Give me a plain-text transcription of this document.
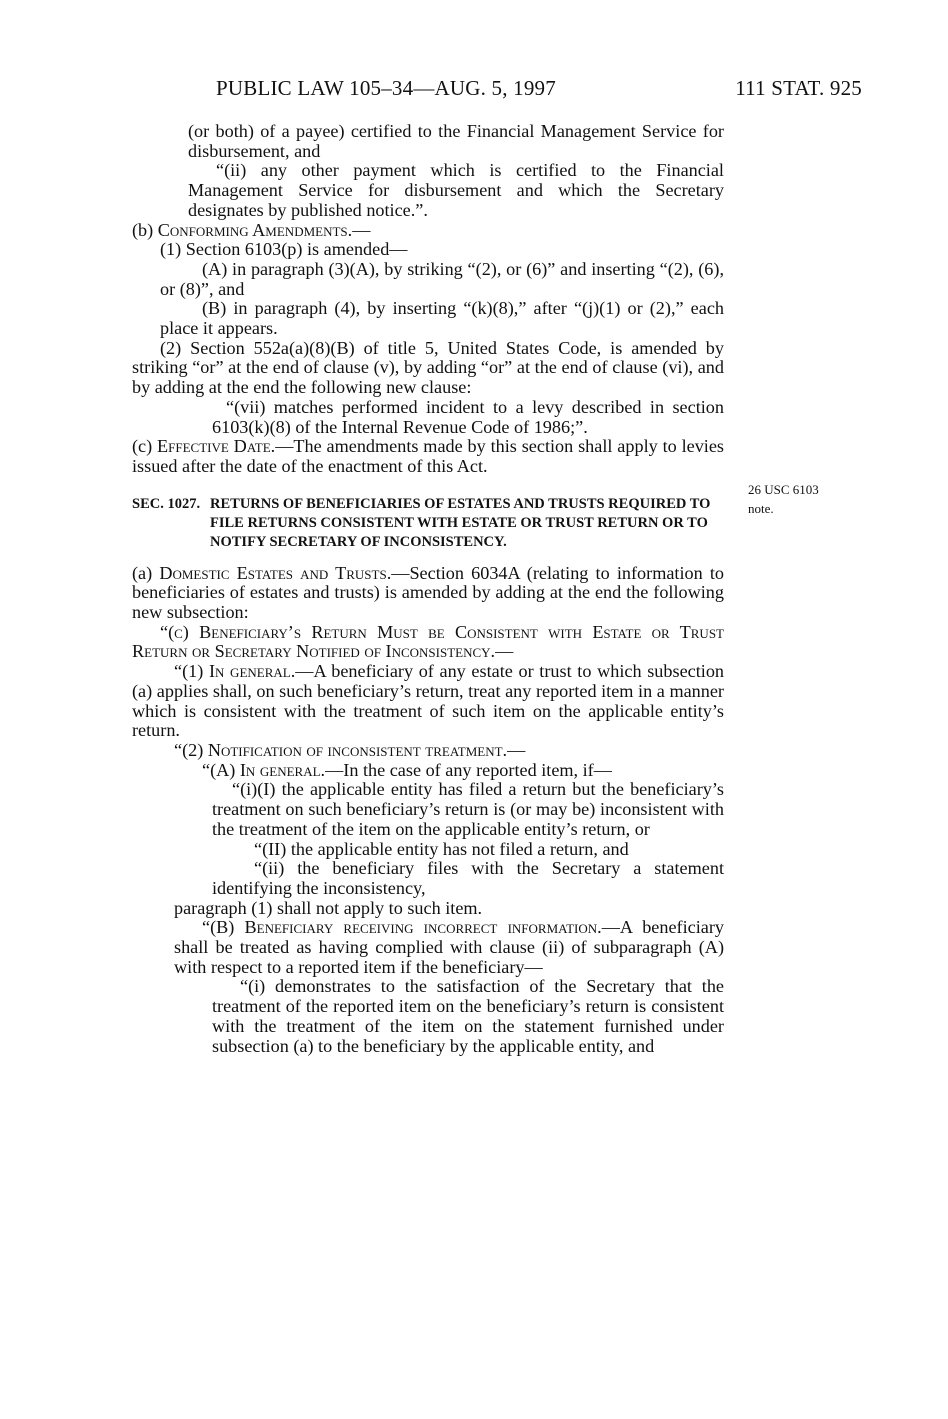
PUBLIC LAW 105–34—AUG. 5, 1997	111 STAT. 925
26 USC 6103
note.

(or both) of a payee) certified to the Financial Management Service for disbursement, and

“(ii) any other payment which is certified to the Financial Management Service for disbursement and which the Secretary designates by published notice.”.

(b) Conforming Amendments.—

(1) Section 6103(p) is amended—

(A) in paragraph (3)(A), by striking “(2), or (6)” and inserting “(2), (6), or (8)”, and

(B) in paragraph (4), by inserting “(k)(8),” after “(j)(1) or (2),” each place it appears.

(2) Section 552a(a)(8)(B) of title 5, United States Code, is amended by striking “or” at the end of clause (v), by adding “or” at the end of clause (vi), and by adding at the end the following new clause:

“(vii) matches performed incident to a levy described in section 6103(k)(8) of the Internal Revenue Code of 1986;”.

(c) Effective Date.—The amendments made by this section shall apply to levies issued after the date of the enactment of this Act.

SEC. 1027. RETURNS OF BENEFICIARIES OF ESTATES AND TRUSTS REQUIRED TO FILE RETURNS CONSISTENT WITH ESTATE OR TRUST RETURN OR TO NOTIFY SECRETARY OF INCONSISTENCY.

(a) Domestic Estates and Trusts.—Section 6034A (relating to information to beneficiaries of estates and trusts) is amended by adding at the end the following new subsection:

“(c) Beneficiary’s Return Must be Consistent with Estate or Trust Return or Secretary Notified of Inconsistency.—

“(1) In general.—A beneficiary of any estate or trust to which subsection (a) applies shall, on such beneficiary’s return, treat any reported item in a manner which is consistent with the treatment of such item on the applicable entity’s return.

“(2) Notification of inconsistent treatment.—

“(A) In general.—In the case of any reported item, if—

“(i)(I) the applicable entity has filed a return but the beneficiary’s treatment on such beneficiary’s return is (or may be) inconsistent with the treatment of the item on the applicable entity’s return, or

“(II) the applicable entity has not filed a return, and

“(ii) the beneficiary files with the Secretary a statement identifying the inconsistency,

paragraph (1) shall not apply to such item.

“(B) Beneficiary receiving incorrect information.—A beneficiary shall be treated as having complied with clause (ii) of subparagraph (A) with respect to a reported item if the beneficiary—

“(i) demonstrates to the satisfaction of the Secretary that the treatment of the reported item on the beneficiary’s return is consistent with the treatment of the item on the statement furnished under subsection (a) to the beneficiary by the applicable entity, and
